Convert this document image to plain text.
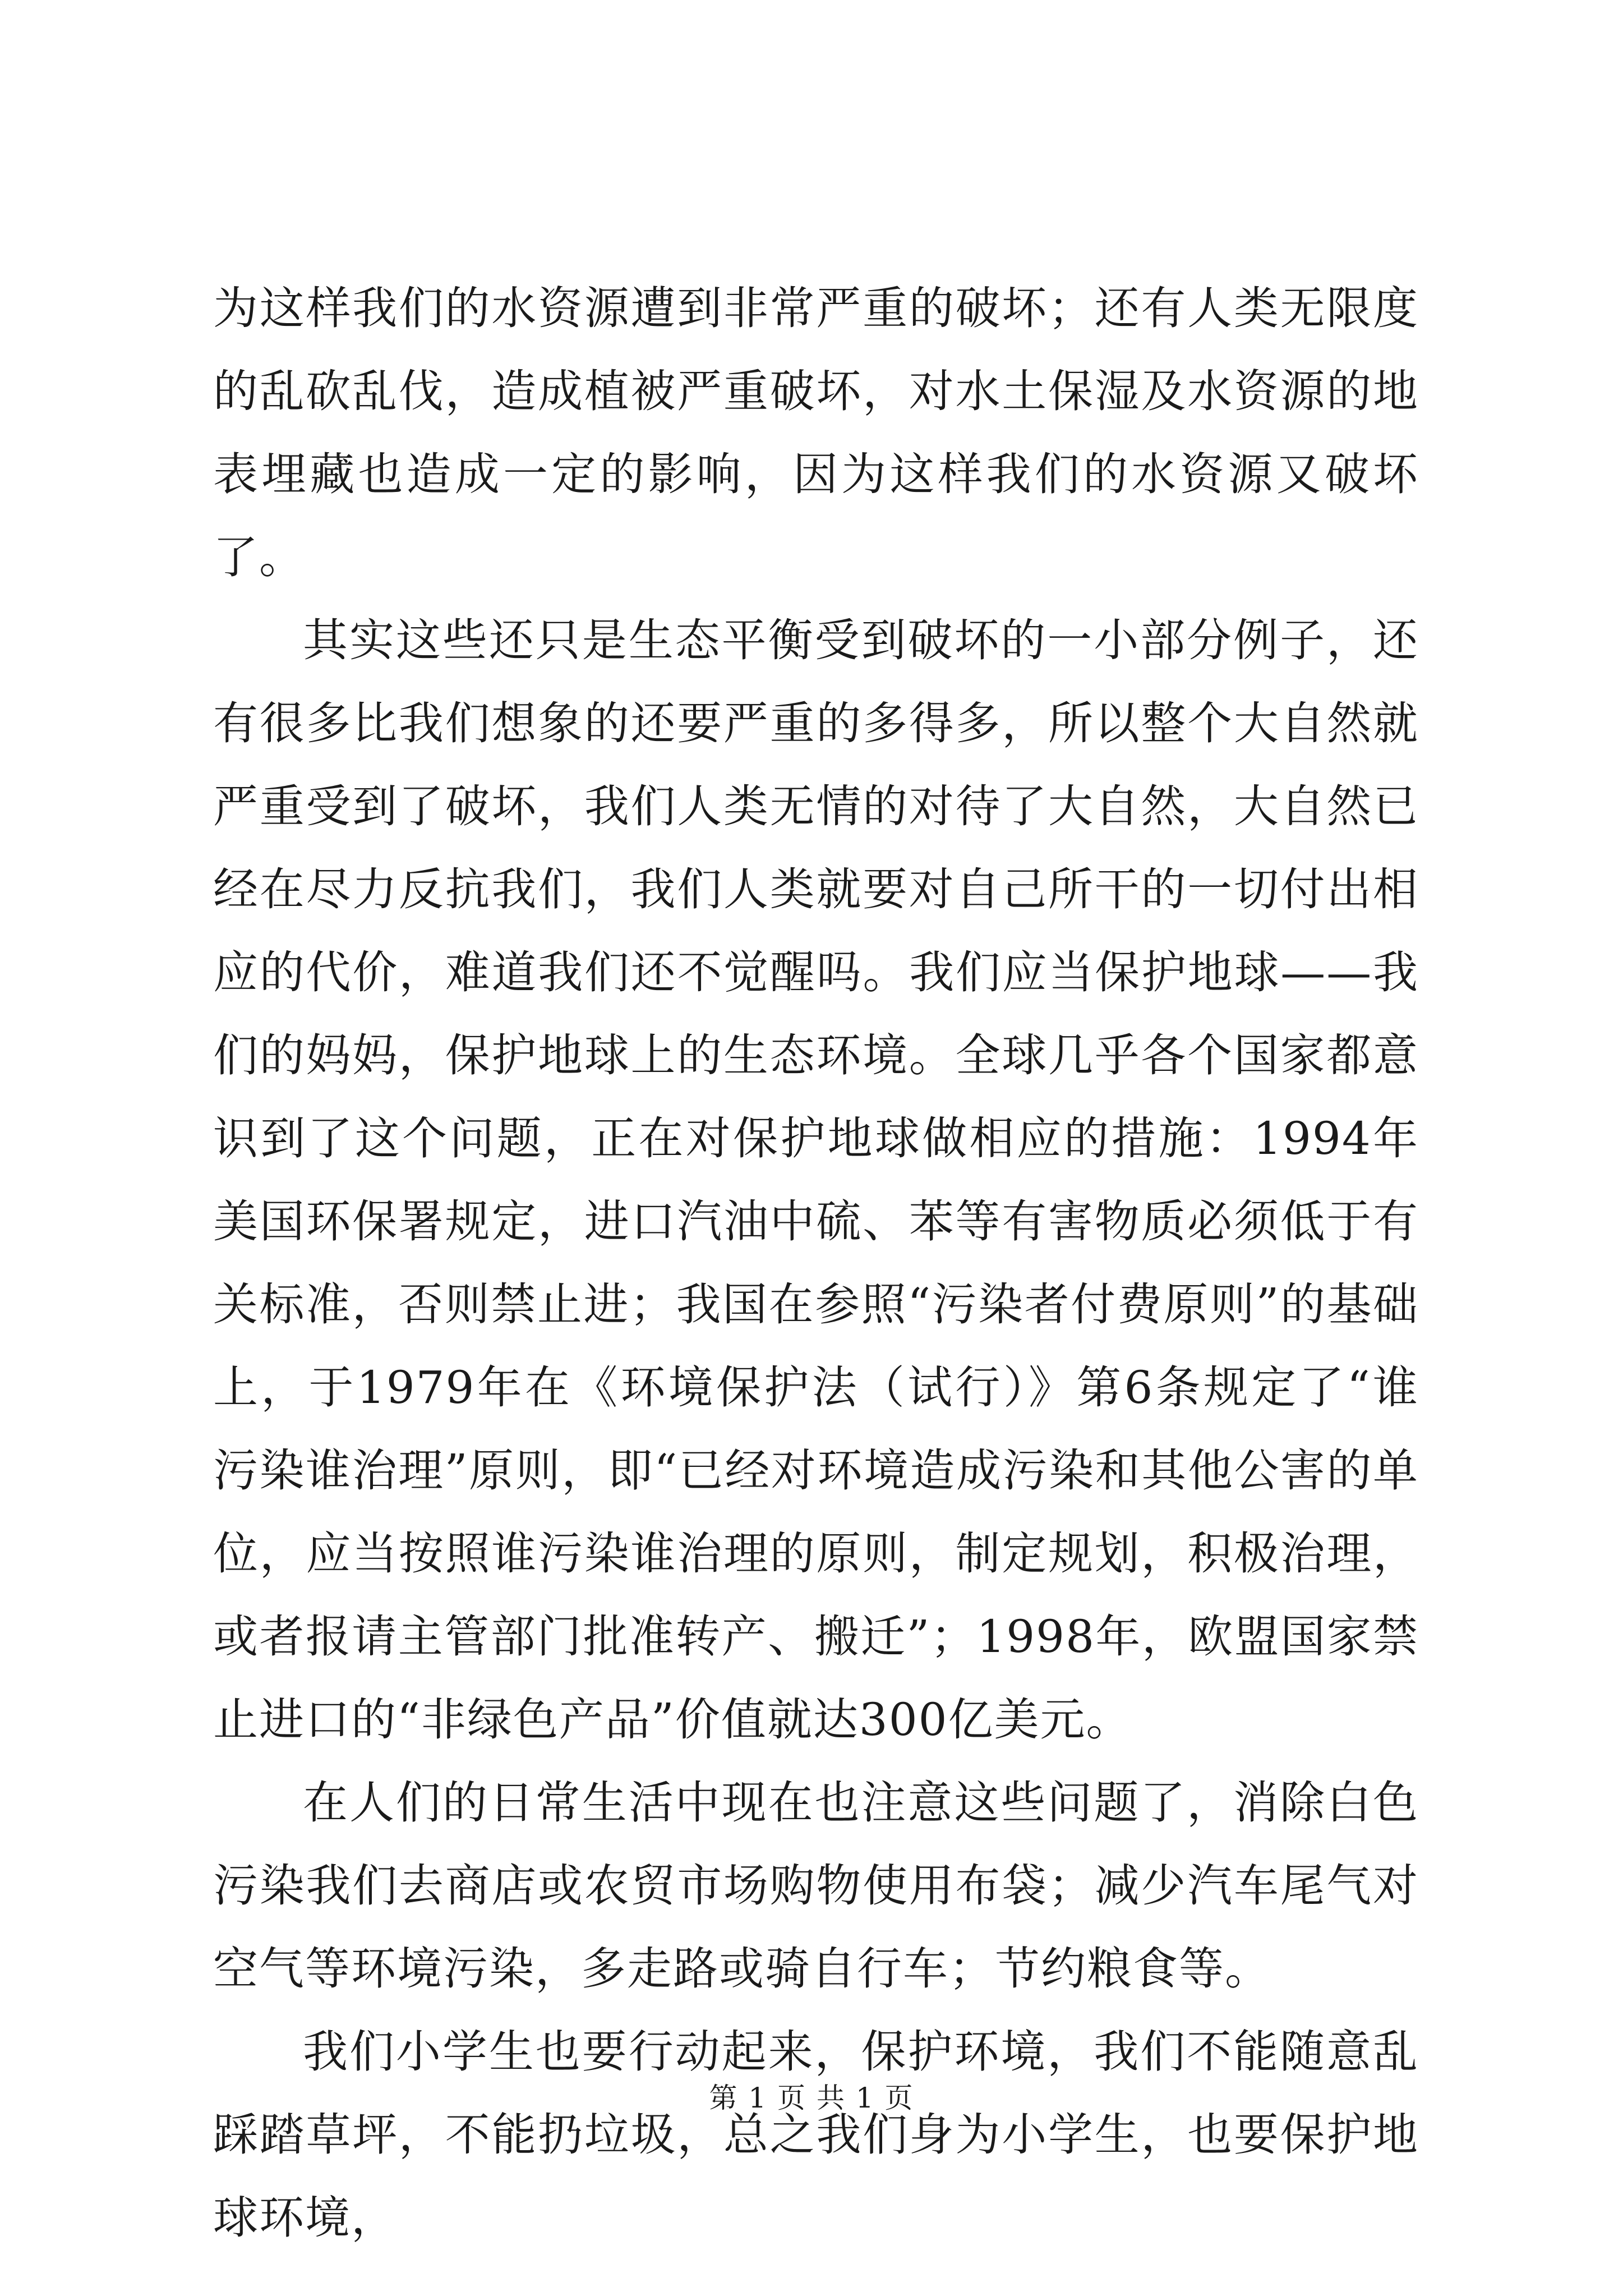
为这样我们的水资源遭到非常严重的破坏；还有人类无限度的乱砍乱伐，造成植被严重破坏，对水土保湿及水资源的地表埋藏也造成一定的影响，因为这样我们的水资源又破坏了。

其实这些还只是生态平衡受到破坏的一小部分例子，还有很多比我们想象的还要严重的多得多，所以整个大自然就严重受到了破坏，我们人类无情的对待了大自然，大自然已经在尽力反抗我们，我们人类就要对自己所干的一切付出相应的代价，难道我们还不觉醒吗。我们应当保护地球——我们的妈妈，保护地球上的生态环境。全球几乎各个国家都意识到了这个问题，正在对保护地球做相应的措施：1994年美国环保署规定，进口汽油中硫、苯等有害物质必须低于有关标准，否则禁止进；我国在参照“污染者付费原则”的基础上，于1979年在《环境保护法（试行）》第6条规定了“谁污染谁治理”原则，即“已经对环境造成污染和其他公害的单位，应当按照谁污染谁治理的原则，制定规划，积极治理，或者报请主管部门批准转产、搬迁”；1998年，欧盟国家禁止进口的“非绿色产品”价值就达300亿美元。

在人们的日常生活中现在也注意这些问题了，消除白色污染我们去商店或农贸市场购物使用布袋；减少汽车尾气对空气等环境污染，多走路或骑自行车；节约粮食等。

我们小学生也要行动起来，保护环境，我们不能随意乱踩踏草坪，不能扔垃圾，总之我们身为小学生，也要保护地球环境，

第 1 页 共 1 页
